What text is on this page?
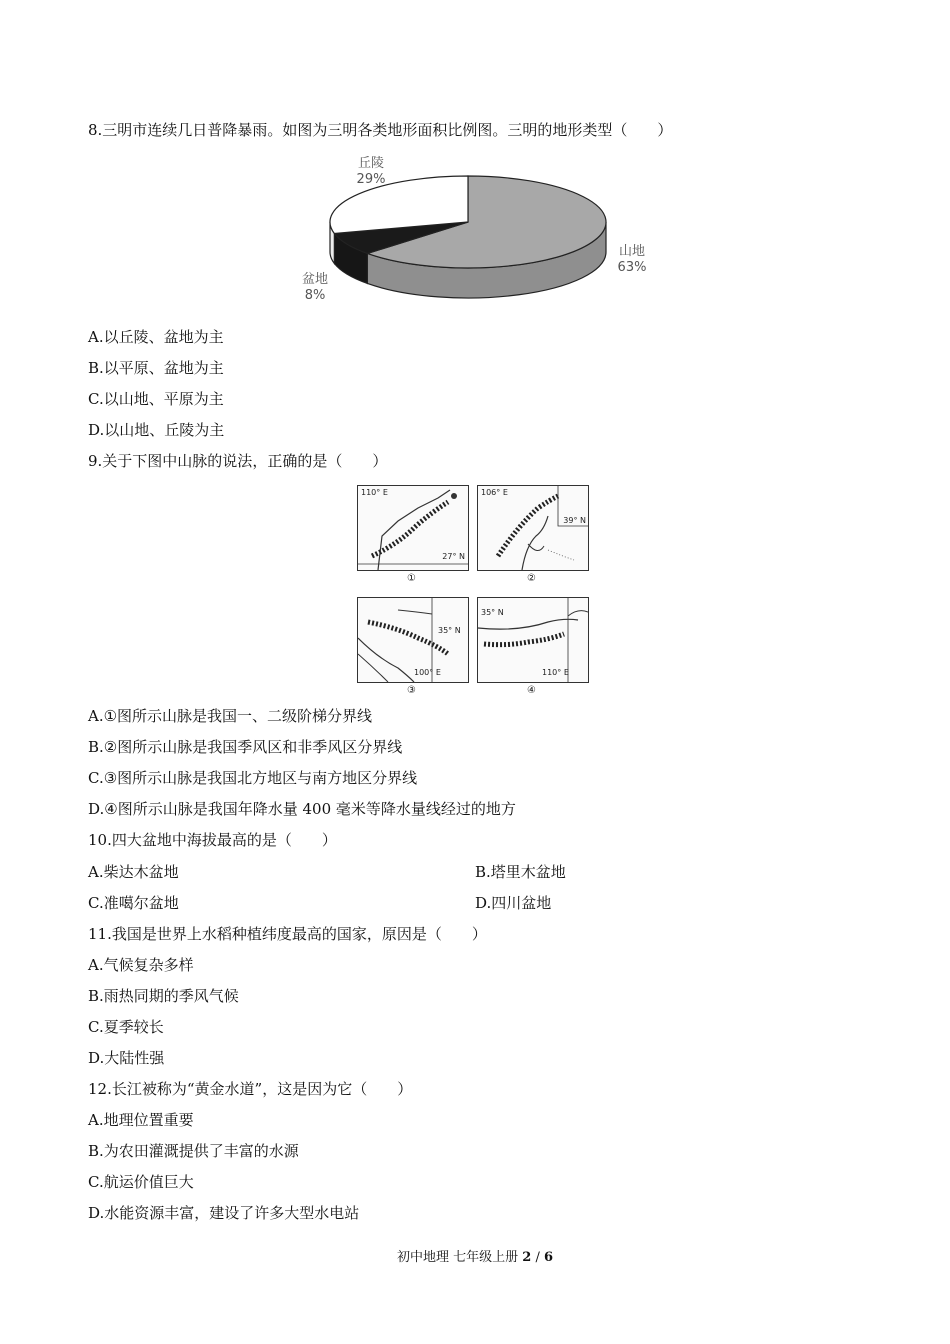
8.三明市连续几日普降暴雨。如图为三明各类地形面积比例图。三明的地形类型（　　）
丘陵
29%
山地
63%
盆地
8%
A.以丘陵、盆地为主
B.以平原、盆地为主
C.以山地、平原为主
D.以山地、丘陵为主
9.关于下图中山脉的说法，正确的是（　　）
110° E
27° N
①
106° E
39° N
②
35° N
100° E
③
35° N
110° E
④
A.①图所示山脉是我国一、二级阶梯分界线
B.②图所示山脉是我国季风区和非季风区分界线
C.③图所示山脉是我国北方地区与南方地区分界线
D.④图所示山脉是我国年降水量 400 毫米等降水量线经过的地方
10.四大盆地中海拔最高的是（　　）
A.柴达木盆地	B.塔里木盆地
C.准噶尔盆地	D.四川盆地
11.我国是世界上水稻种植纬度最高的国家，原因是（　　）
A.气候复杂多样
B.雨热同期的季风气候
C.夏季较长
D.大陆性强
12.长江被称为“黄金水道”，这是因为它（　　）
A.地理位置重要
B.为农田灌溉提供了丰富的水源
C.航运价值巨大
D.水能资源丰富，建设了许多大型水电站
初中地理 七年级上册 2 / 6
